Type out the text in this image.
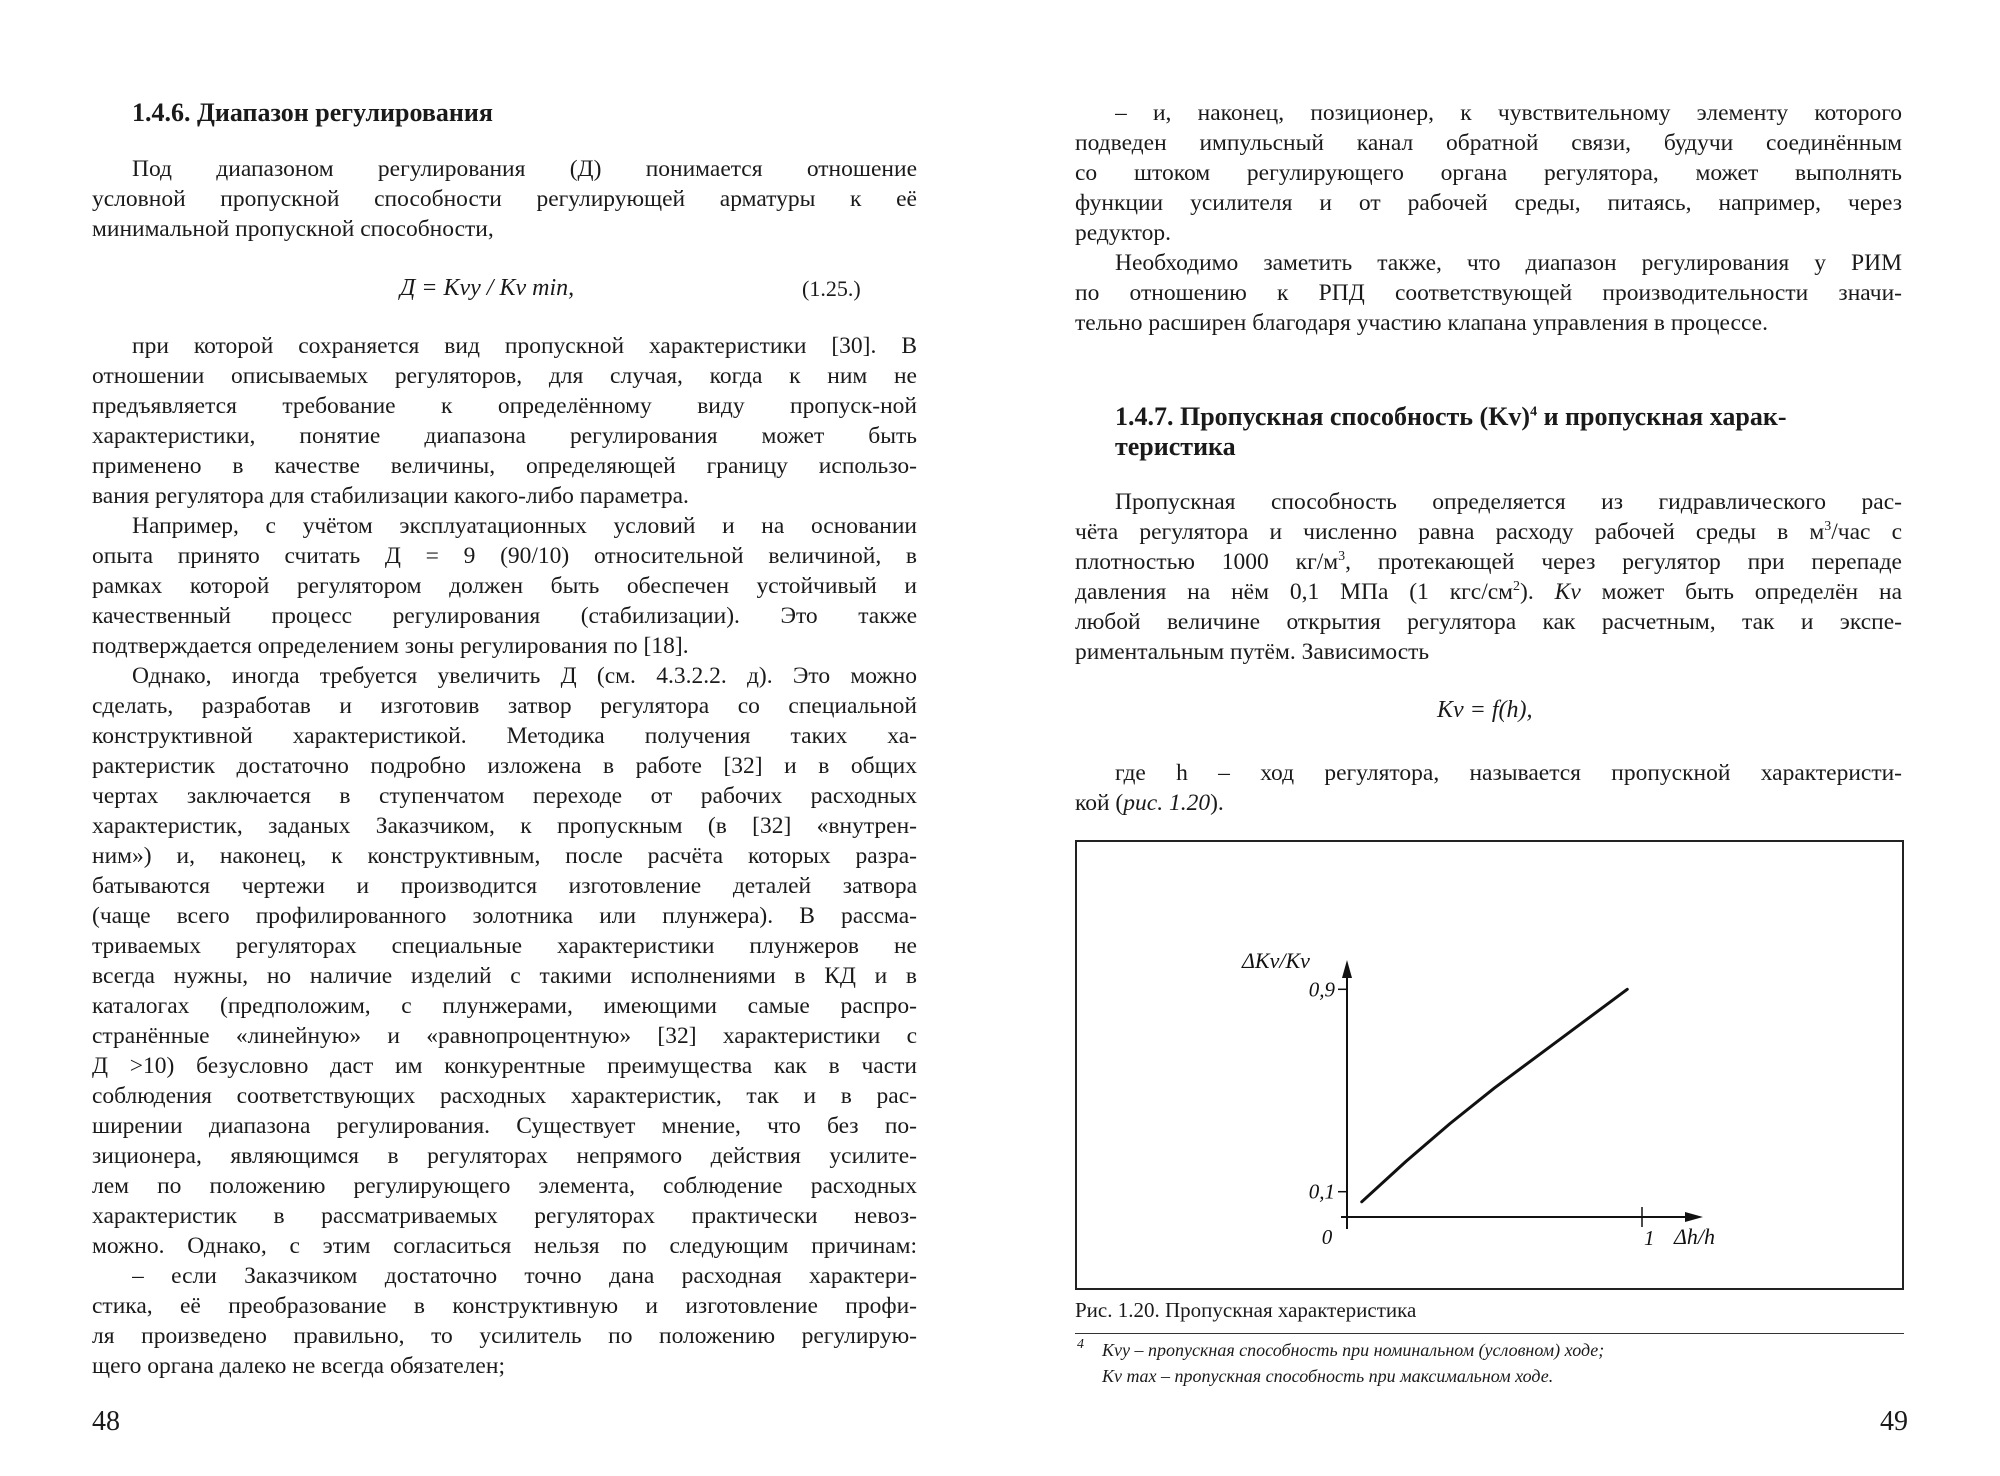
1.4.6. Диапазон регулирования
Под диапазоном регулирования (Д) понимается отношение
условной пропускной способности регулирующей арматуры к её
минимальной пропускной способности,
Д = Kvy / Kv min,	(1.25.)
при которой сохраняется вид пропускной характеристики [30]. В
отношении описываемых регуляторов, для случая, когда к ним не
предъявляется требование к определённому виду пропуск-ной
характеристики, понятие диапазона регулирования может быть
применено в качестве величины, определяющей границу использо-
вания регулятора для стабилизации какого-либо параметра.
Например, с учётом эксплуатационных условий и на основании
опыта принято считать Д = 9 (90/10) относительной величиной, в
рамках которой регулятором должен быть обеспечен устойчивый и
качественный процесс регулирования (стабилизации). Это также
подтверждается определением зоны регулирования по [18].
Однако, иногда требуется увеличить Д (см. 4.3.2.2. д). Это можно
сделать, разработав и изготовив затвор регулятора со специальной
конструктивной характеристикой. Методика получения таких ха-
рактеристик достаточно подробно изложена в работе [32] и в общих
чертах заключается в ступенчатом переходе от рабочих расходных
характеристик, заданых Заказчиком, к пропускным (в [32] «внутрен-
ним») и, наконец, к конструктивным, после расчёта которых разра-
батываются чертежи и производится изготовление деталей затвора
(чаще всего профилированного золотника или плунжера). В рассма-
триваемых регуляторах специальные характеристики плунжеров не
всегда нужны, но наличие изделий с такими исполнениями в КД и в
каталогах (предположим, с плунжерами, имеющими самые распро-
странённые «линейную» и «равнопроцентную» [32] характеристики с
Д >10) безусловно даст им конкурентные преимущества как в части
соблюдения соответствующих расходных характеристик, так и в рас-
ширении диапазона регулирования. Существует мнение, что без по-
зиционера, являющимся в регуляторах непрямого действия усилите-
лем по положению регулирующего элемента, соблюдение расходных
характеристик в рассматриваемых регуляторах практически невоз-
можно. Однако, с этим согласиться нельзя по следующим причинам:
– если Заказчиком достаточно точно дана расходная характери-
стика, её преобразование в конструктивную и изготовление профи-
ля произведено правильно, то усилитель по положению регулирую-
щего органа далеко не всегда обязателен;
48
– и, наконец, позиционер, к чувствительному элементу которого
подведен импульсный канал обратной связи, будучи соединённым
со штоком регулирующего органа регулятора, может выполнять
функции усилителя и от рабочей среды, питаясь, например, через
редуктор.
Необходимо заметить также, что диапазон регулирования у РИМ
по отношению к РПД соответствующей производительности значи-
тельно расширен благодаря участию клапана управления в процессе.
1.4.7. Пропускная способность $(Kv)^4$ и пропускная харак-
теристика
Пропускная способность определяется из гидравлического рас-
чёта регулятора и численно равна расходу рабочей среды в $м^3$/час с
плотностью 1000 $кг/м^3$, протекающей через регулятор при перепаде
давления на нём 0,1 МПа (1 кгс/$см^2$). Kv может быть определён на
любой величине открытия регулятора как расчетным, так и экспе-
риментальным путём. Зависимость
Kv = f(h),
где h – ход регулятора, называется пропускной характеристи-
кой (рис. 1.20).
0,1
0,9
1
0
ΔKv/Kv
Δh/h
Рис. 1.20. Пропускная характеристика
4 Kvy – пропускная способность при номинальном (условном) ходе;
Kv max – пропускная способность при максимальном ходе.
49
